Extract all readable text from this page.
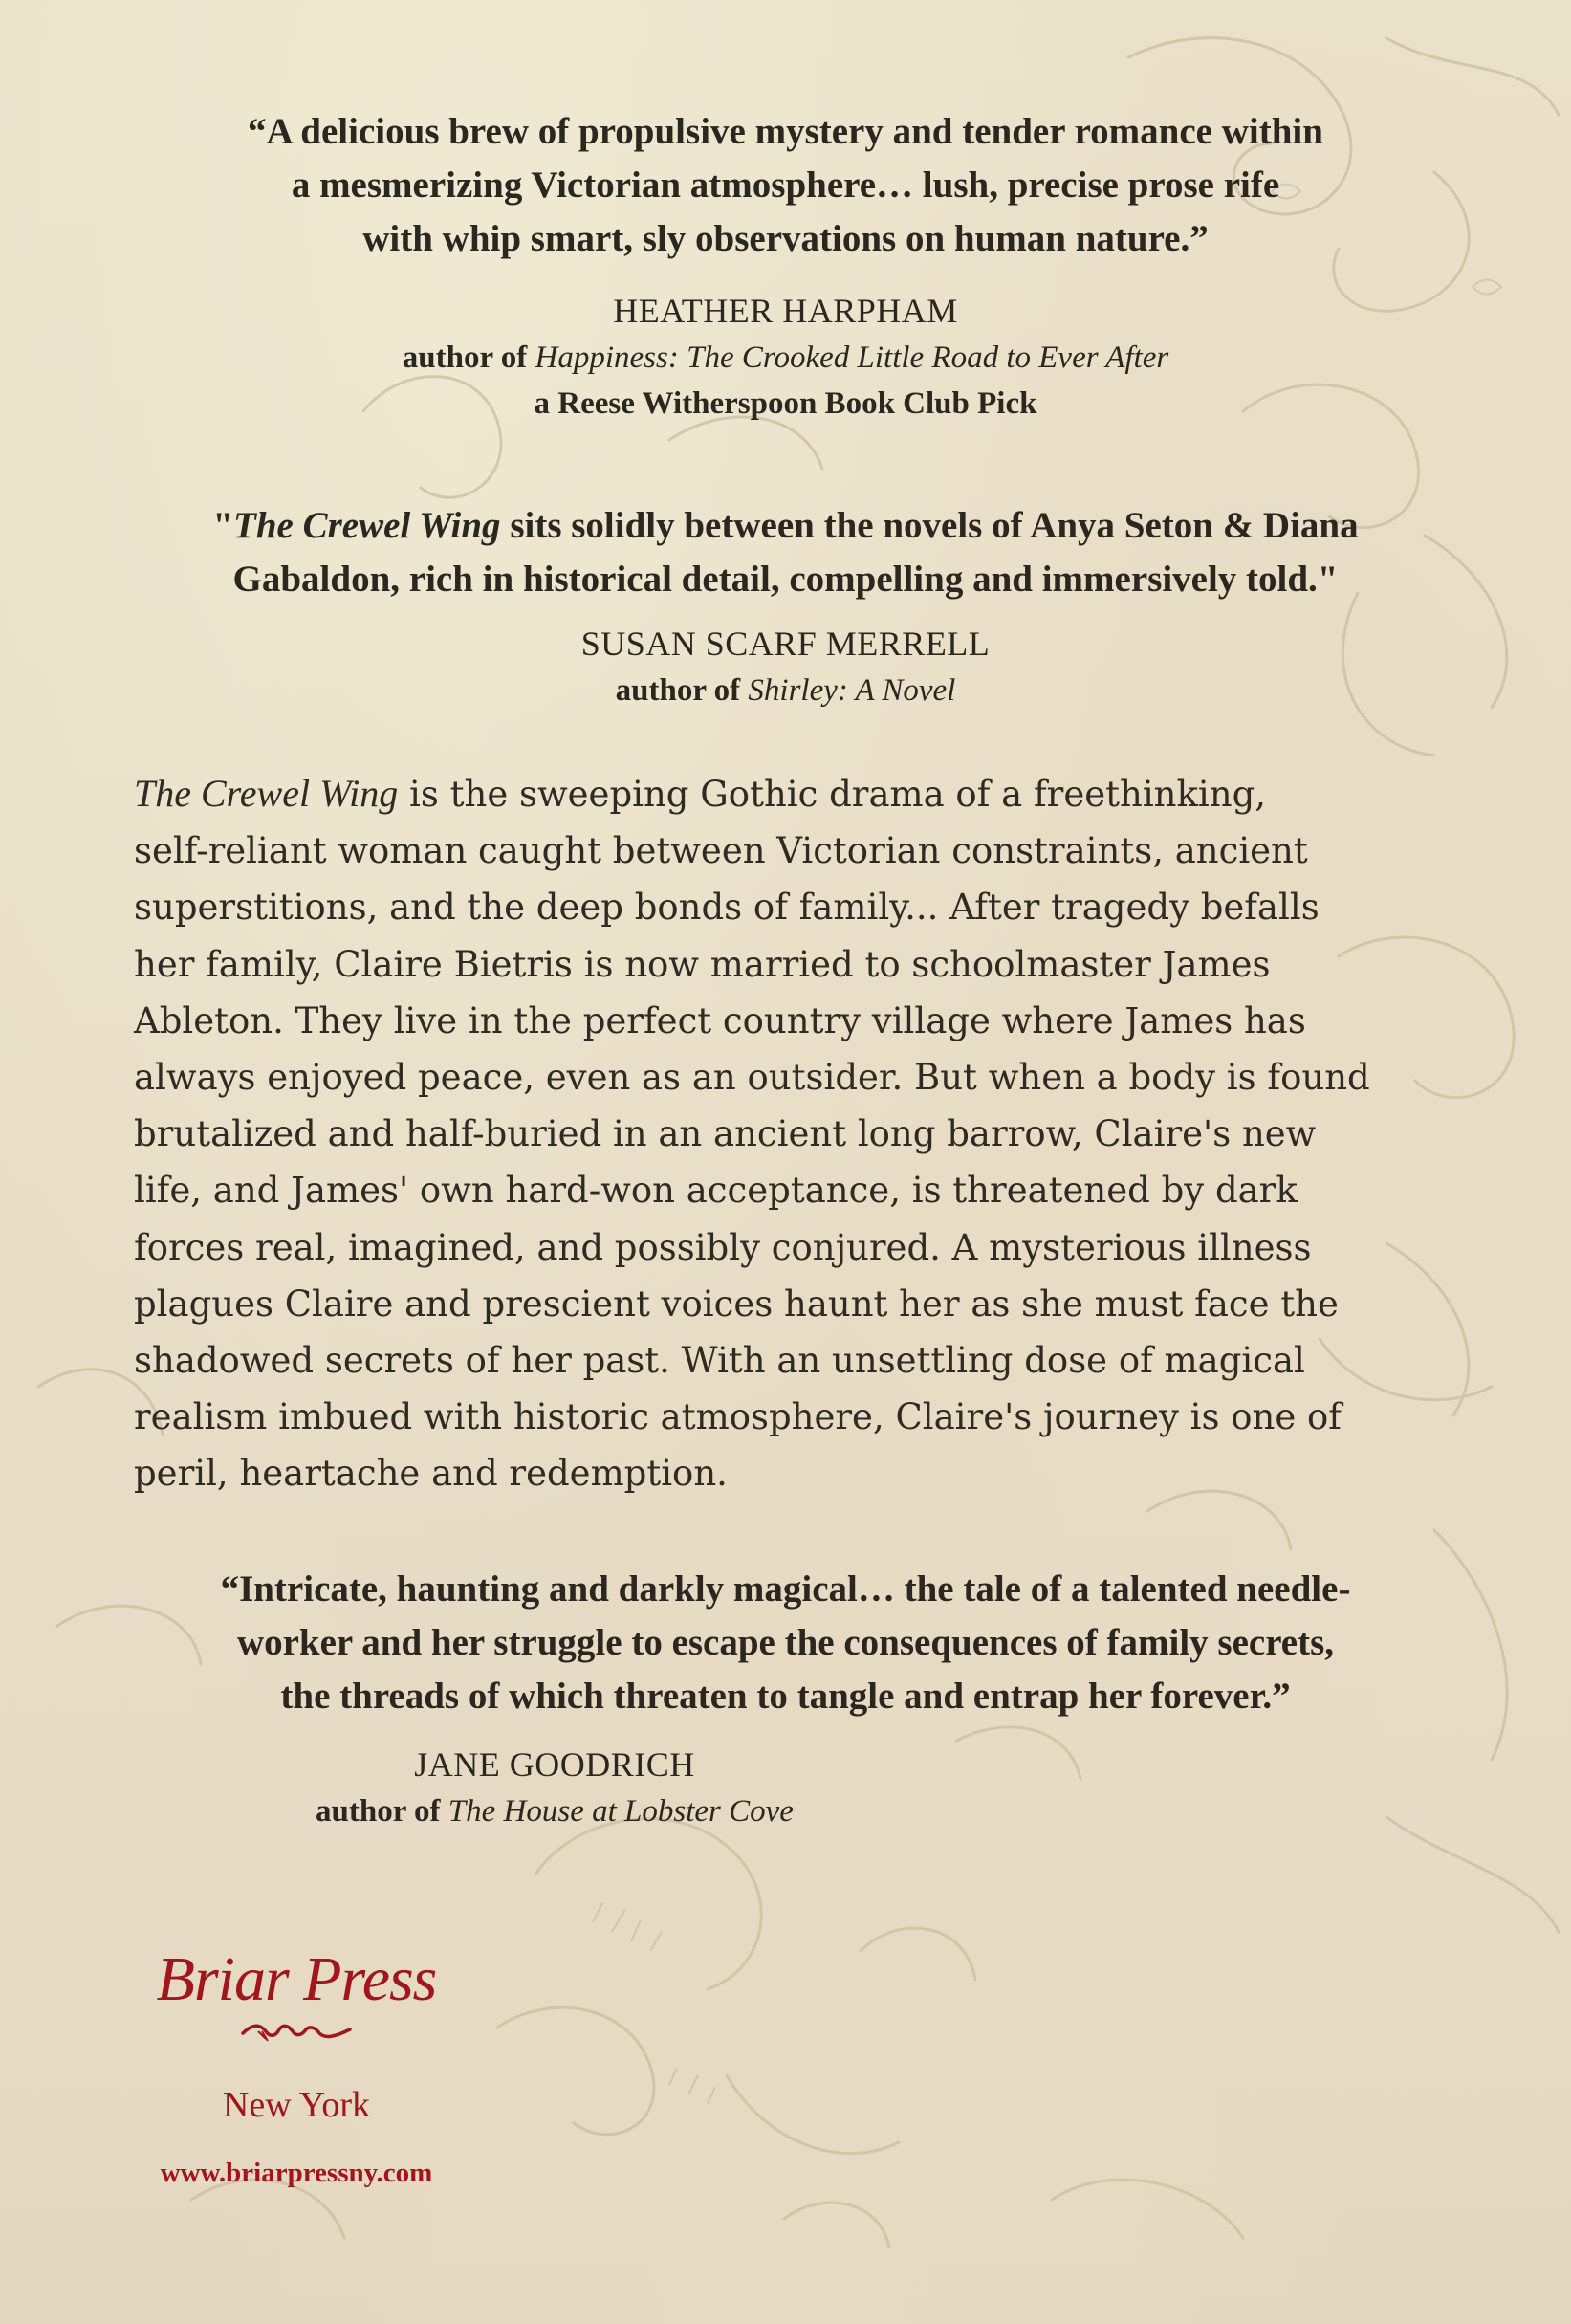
“A delicious brew of propulsive mystery and tender romance within

a mesmerizing Victorian atmosphere… lush, precise prose rife

with whip smart, sly observations on human nature.”

HEATHER HARPHAM

author of Happiness: The Crooked Little Road to Ever After

a Reese Witherspoon Book Club Pick

"The Crewel Wing sits solidly between the novels of Anya Seton & Diana

Gabaldon, rich in historical detail, compelling and immersively told."

SUSAN SCARF MERRELL

author of Shirley: A Novel

The Crewel Wing is the sweeping Gothic drama of a freethinking,
self-reliant woman caught between Victorian constraints, ancient
superstitions, and the deep bonds of family... After tragedy befalls
her family, Claire Bietris is now married to schoolmaster James
Ableton. They live in the perfect country village where James has
always enjoyed peace, even as an outsider. But when a body is found
brutalized and half-buried in an ancient long barrow, Claire's new
life, and James' own hard-won acceptance, is threatened by dark
forces real, imagined, and possibly conjured. A mysterious illness
plagues Claire and prescient voices haunt her as she must face the
shadowed secrets of her past. With an unsettling dose of magical
realism imbued with historic atmosphere, Claire's journey is one of
peril, heartache and redemption.

“Intricate, haunting and darkly magical… the tale of a talented needle-

worker and her struggle to escape the consequences of family secrets,

the threads of which threaten to tangle and entrap her forever.”

JANE GOODRICH

author of The House at Lobster Cove

Briar Press
New York
www.briarpressny.com
